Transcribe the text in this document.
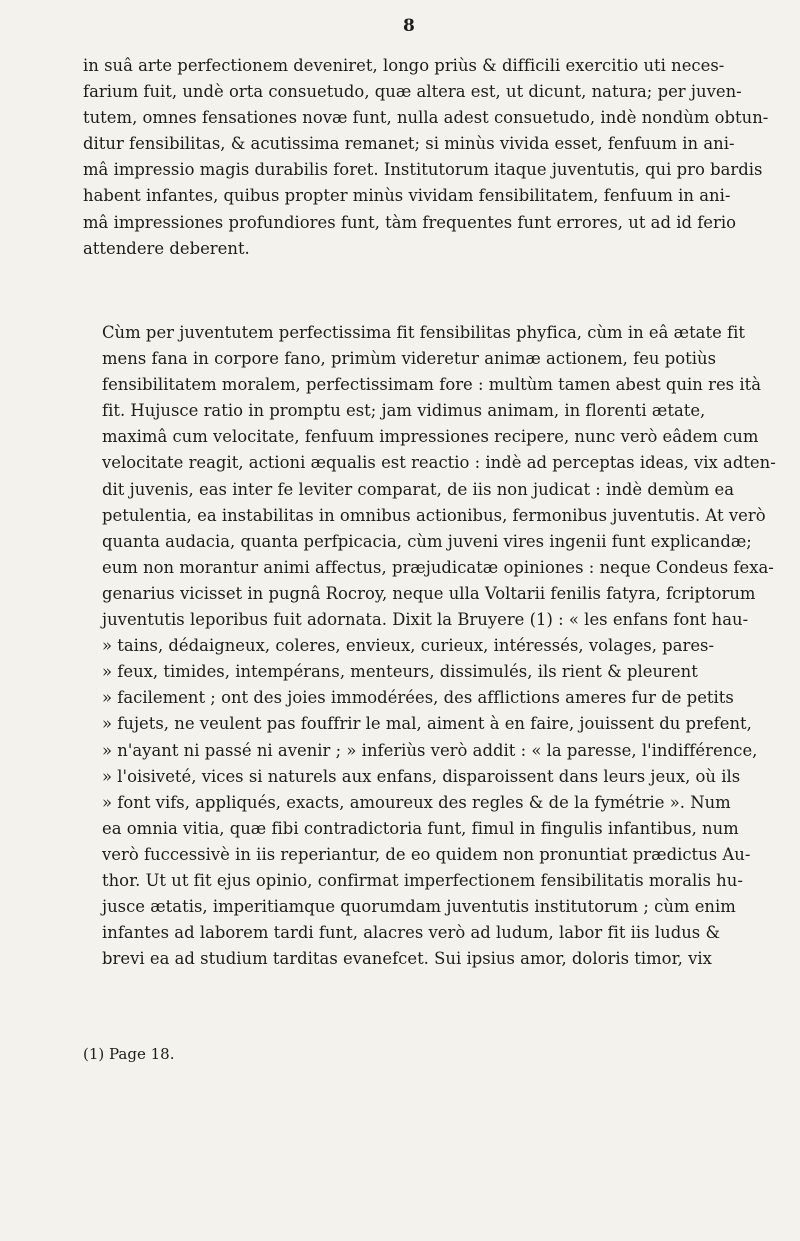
8
in suâ arte perfectionem deveniret, longo priùs & difficili exercitio uti neces-
farium fuit, undè orta consuetudo, quæ altera est, ut dicunt, natura; per juven-
tutem, omnes fensationes novæ funt, nulla adest consuetudo, indè nondùm obtun-
ditur fensibilitas, & acutissima remanet; si minùs vivida esset, fenfuum in ani-
mâ impressio magis durabilis foret. Institutorum itaque juventutis, qui pro bardis
habent infantes, quibus propter minùs vividam fensibilitatem, fenfuum in ani-
mâ impressiones profundiores funt, tàm frequentes funt errores, ut ad id ferio
attendere deberent.
Cùm per juventutem perfectissima fit fensibilitas phyfica, cùm in eâ ætate fit
mens fana in corpore fano, primùm videretur animæ actionem, feu potiùs
fensibilitatem moralem, perfectissimam fore : multùm tamen abest quin res ità
fit. Hujusce ratio in promptu est; jam vidimus animam, in florenti ætate,
maximâ cum velocitate, fenfuum impressiones recipere, nunc verò eâdem cum
velocitate reagit, actioni æqualis est reactio : indè ad perceptas ideas, vix adten-
dit juvenis, eas inter fe leviter comparat, de iis non judicat : indè demùm ea
petulentia, ea instabilitas in omnibus actionibus, fermonibus juventutis. At verò
quanta audacia, quanta perfpicacia, cùm juveni vires ingenii funt explicandæ;
eum non morantur animi affectus, præjudicatæ opiniones : neque Condeus fexa-
genarius vicisset in pugnâ Rocroy, neque ulla Voltarii fenilis fatyra, fcriptorum
juventutis leporibus fuit adornata. Dixit la Bruyere (1) : « les enfans font hau-
» tains, dédaigneux, coleres, envieux, curieux, intéressés, volages, pares-
» feux, timides, intempérans, menteurs, dissimulés, ils rient & pleurent
» facilement ; ont des joies immodérées, des afflictions ameres fur de petits
» fujets, ne veulent pas fouffrir le mal, aiment à en faire, jouissent du prefent,
» n'ayant ni passé ni avenir ; » inferiùs verò addit : « la paresse, l'indifférence,
» l'oisiveté, vices si naturels aux enfans, disparoissent dans leurs jeux, où ils
» font vifs, appliqués, exacts, amoureux des regles & de la fymétrie ». Num
ea omnia vitia, quæ fibi contradictoria funt, fimul in fingulis infantibus, num
verò fuccessivè in iis reperiantur, de eo quidem non pronuntiat prædictus Au-
thor. Ut ut fit ejus opinio, confirmat imperfectionem fensibilitatis moralis hu-
jusce ætatis, imperitiamque quorumdam juventutis institutorum ; cùm enim
infantes ad laborem tardi funt, alacres verò ad ludum, labor fit iis ludus &
brevi ea ad studium tarditas evanefcet. Sui ipsius amor, doloris timor, vix
(1) Page 18.
